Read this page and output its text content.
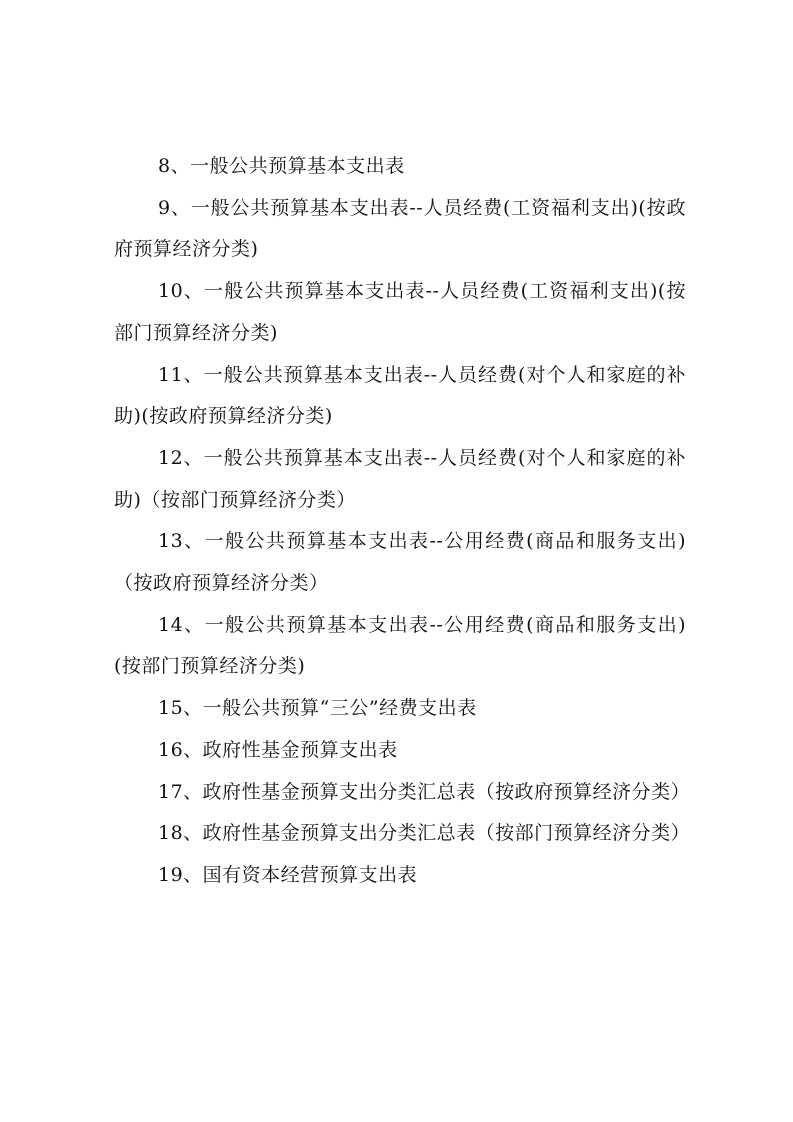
8、一般公共预算基本支出表

9、一般公共预算基本支出表--人员经费(工资福利支出)(按政府预算经济分类)

10、一般公共预算基本支出表--人员经费(工资福利支出)(按部门预算经济分类)

11、一般公共预算基本支出表--人员经费(对个人和家庭的补助)(按政府预算经济分类)

12、一般公共预算基本支出表--人员经费(对个人和家庭的补助)（按部门预算经济分类）

13、一般公共预算基本支出表--公用经费(商品和服务支出)（按政府预算经济分类）

14、一般公共预算基本支出表--公用经费(商品和服务支出)(按部门预算经济分类)

15、一般公共预算“三公”经费支出表

16、政府性基金预算支出表

17、政府性基金预算支出分类汇总表（按政府预算经济分类）

18、政府性基金预算支出分类汇总表（按部门预算经济分类）

19、国有资本经营预算支出表
